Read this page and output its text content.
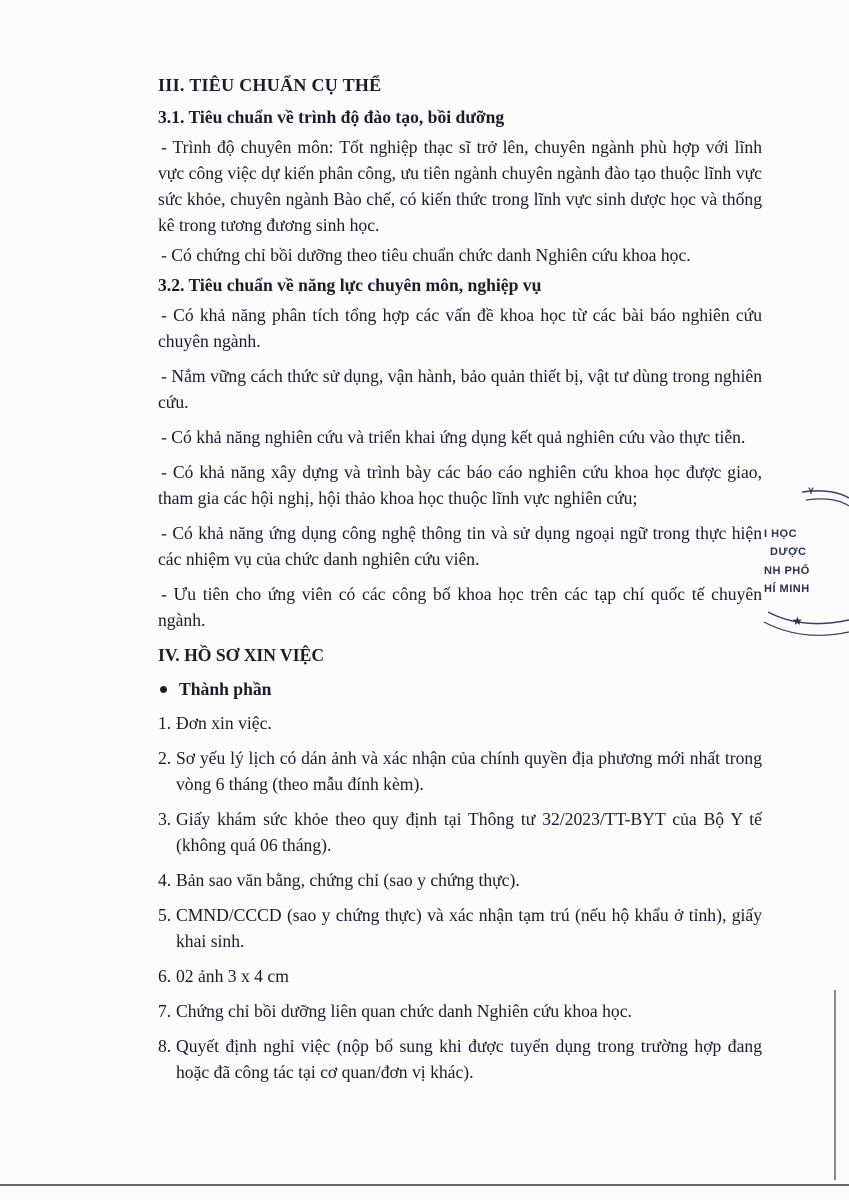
III. TIÊU CHUẨN CỤ THỂ
3.1. Tiêu chuẩn về trình độ đào tạo, bồi dưỡng

- Trình độ chuyên môn: Tốt nghiệp thạc sĩ trở lên, chuyên ngành phù hợp với lĩnh vực công việc dự kiến phân công, ưu tiên ngành chuyên ngành đào tạo thuộc lĩnh vực sức khỏe, chuyên ngành Bào chế, có kiến thức trong lĩnh vực sinh dược học và thống kê trong tương đương sinh học.

- Có chứng chỉ bồi dưỡng theo tiêu chuẩn chức danh Nghiên cứu khoa học.

3.2. Tiêu chuẩn về năng lực chuyên môn, nghiệp vụ

- Có khả năng phân tích tổng hợp các vấn đề khoa học từ các bài báo nghiên cứu chuyên ngành.

- Nắm vững cách thức sử dụng, vận hành, bảo quản thiết bị, vật tư dùng trong nghiên cứu.

- Có khả năng nghiên cứu và triển khai ứng dụng kết quả nghiên cứu vào thực tiễn.

- Có khả năng xây dựng và trình bày các báo cáo nghiên cứu khoa học được giao, tham gia các hội nghị, hội thảo khoa học thuộc lĩnh vực nghiên cứu;

- Có khả năng ứng dụng công nghệ thông tin và sử dụng ngoại ngữ trong thực hiện các nhiệm vụ của chức danh nghiên cứu viên.

- Ưu tiên cho ứng viên có các công bố khoa học trên các tạp chí quốc tế chuyên ngành.

IV. HỒ SƠ XIN VIỆC
Thành phần
1. Đơn xin việc.
2. Sơ yếu lý lịch có dán ảnh và xác nhận của chính quyền địa phương mới nhất trong vòng 6 tháng (theo mẫu đính kèm).
3. Giấy khám sức khỏe theo quy định tại Thông tư 32/2023/TT-BYT của Bộ Y tế (không quá 06 tháng).
4. Bản sao văn bằng, chứng chỉ (sao y chứng thực).
5. CMND/CCCD (sao y chứng thực) và xác nhận tạm trú (nếu hộ khẩu ở tỉnh), giấy khai sinh.
6. 02 ảnh 3 x 4 cm
7. Chứng chỉ bồi dưỡng liên quan chức danh Nghiên cứu khoa học.
8. Quyết định nghỉ việc (nộp bổ sung khi được tuyển dụng trong trường hợp đang hoặc đã công tác tại cơ quan/đơn vị khác).
Y
I HỌC
DƯỢC
NH PHỐ
HÍ MINH
★
